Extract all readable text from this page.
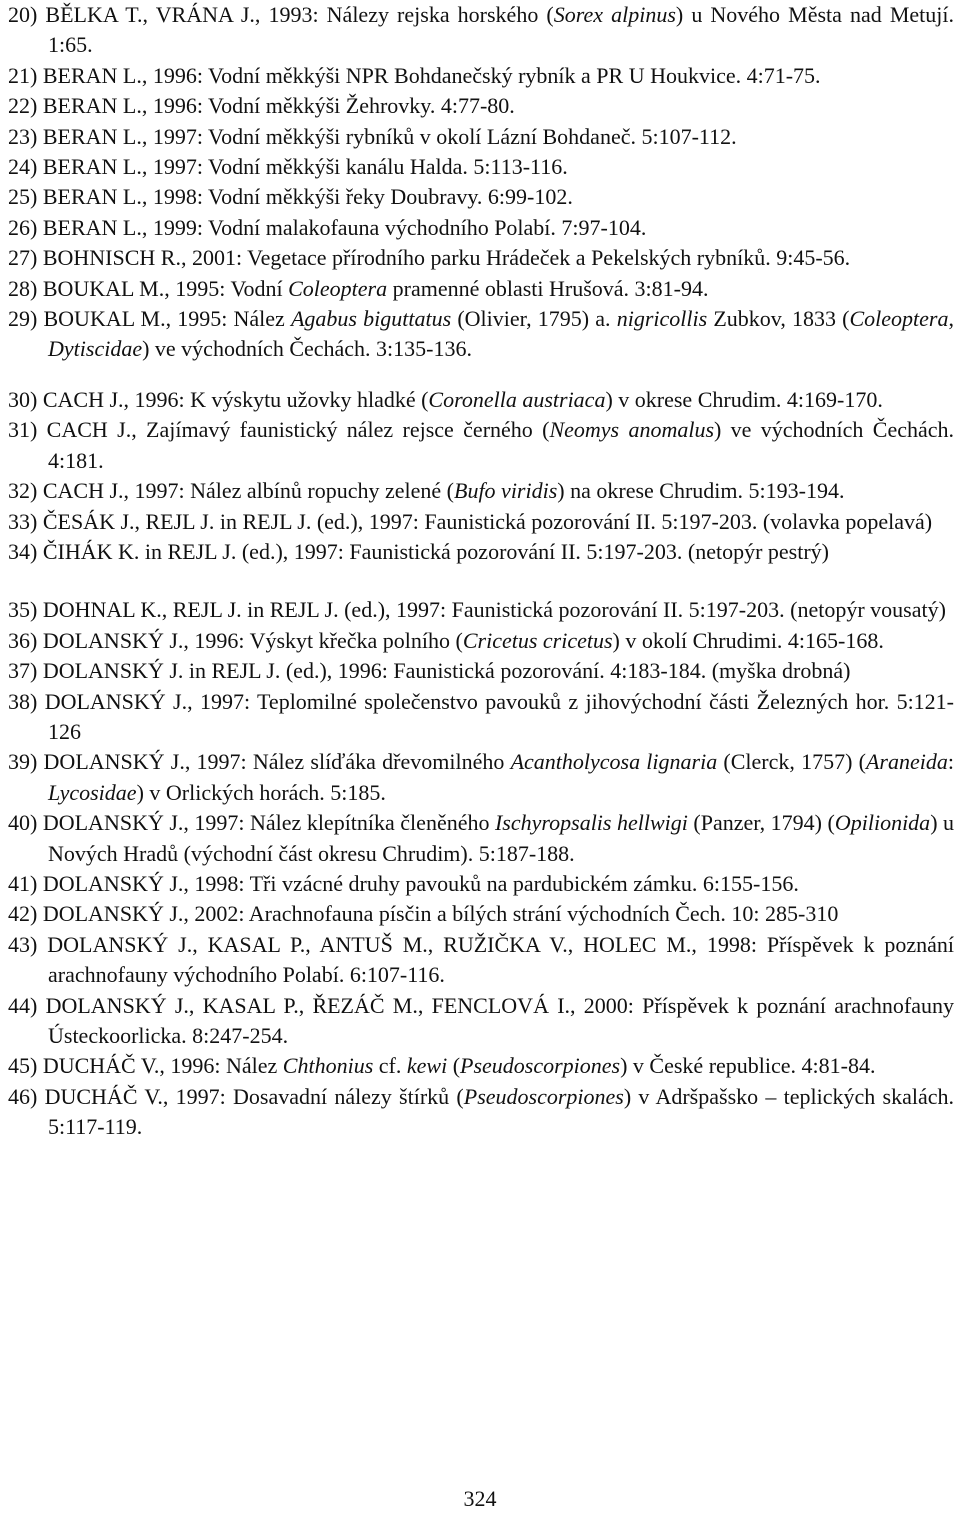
20) BĚLKA T., VRÁNA J., 1993: Nálezy rejska horského (Sorex alpinus) u Nového Města nad Metují. 1:65.

21) BERAN L., 1996: Vodní měkkýši NPR Bohdanečský rybník a PR U Houkvice. 4:71-75.

22) BERAN L., 1996: Vodní měkkýši Žehrovky. 4:77-80.

23) BERAN L., 1997: Vodní měkkýši rybníků v okolí Lázní Bohdaneč. 5:107-112.

24) BERAN L., 1997: Vodní měkkýši kanálu Halda. 5:113-116.

25) BERAN L., 1998: Vodní měkkýši řeky Doubravy. 6:99-102.

26) BERAN L., 1999: Vodní malakofauna východního Polabí. 7:97-104.

27) BOHNISCH R., 2001: Vegetace přírodního parku Hrádeček a Pekelských rybníků. 9:45-56.

28) BOUKAL M., 1995: Vodní Coleoptera pramenné oblasti Hrušová. 3:81-94.

29) BOUKAL M., 1995: Nález Agabus biguttatus (Olivier, 1795) a. nigricollis Zubkov, 1833 (Coleoptera, Dytiscidae) ve východních Čechách. 3:135-136.

30) CACH J., 1996: K výskytu užovky hladké (Coronella austriaca) v okrese Chrudim. 4:169-170.

31) CACH J., Zajímavý faunistický nález rejsce černého (Neomys anomalus) ve východních Čechách. 4:181.

32) CACH J., 1997: Nález albínů ropuchy zelené (Bufo viridis) na okrese Chrudim. 5:193-194.

33) ČESÁK J., REJL J. in REJL J. (ed.), 1997: Faunistická pozorování II. 5:197-203. (volavka popelavá)

34) ČIHÁK K. in REJL J. (ed.), 1997: Faunistická pozorování II. 5:197-203. (netopýr pestrý)

35) DOHNAL K., REJL J. in REJL J. (ed.), 1997: Faunistická pozorování II. 5:197-203. (netopýr vousatý)

36) DOLANSKÝ J., 1996: Výskyt křečka polního (Cricetus cricetus) v okolí Chrudimi. 4:165-168.

37) DOLANSKÝ J. in REJL J. (ed.), 1996: Faunistická pozorování. 4:183-184. (myška drobná)

38) DOLANSKÝ J., 1997: Teplomilné společenstvo pavouků z jihovýchodní části Železných hor. 5:121-126

39) DOLANSKÝ J., 1997: Nález slíďáka dřevomilného Acantholycosa lignaria (Clerck, 1757) (Araneida: Lycosidae) v Orlických horách. 5:185.

40) DOLANSKÝ J., 1997: Nález klepítníka členěného Ischyropsalis hellwigi (Panzer, 1794) (Opilionida) u Nových Hradů (východní část okresu Chrudim). 5:187-188.

41) DOLANSKÝ J., 1998: Tři vzácné druhy pavouků na pardubickém zámku. 6:155-156.

42) DOLANSKÝ J., 2002: Arachnofauna písčin a bílých strání východních Čech. 10: 285-310

43) DOLANSKÝ J., KASAL P., ANTUŠ M., RUŽIČKA V., HOLEC M., 1998: Příspěvek k poznání arachnofauny východního Polabí. 6:107-116.

44) DOLANSKÝ J., KASAL P., ŘEZÁČ M., FENCLOVÁ I., 2000: Příspěvek k poznání arachnofauny Ústeckoorlicka. 8:247-254.

45) DUCHÁČ V., 1996: Nález Chthonius cf. kewi (Pseudoscorpiones) v České republice. 4:81-84.

46) DUCHÁČ V., 1997: Dosavadní nálezy štírků (Pseudoscorpiones) v Adršpašsko – teplických skalách. 5:117-119.

324
